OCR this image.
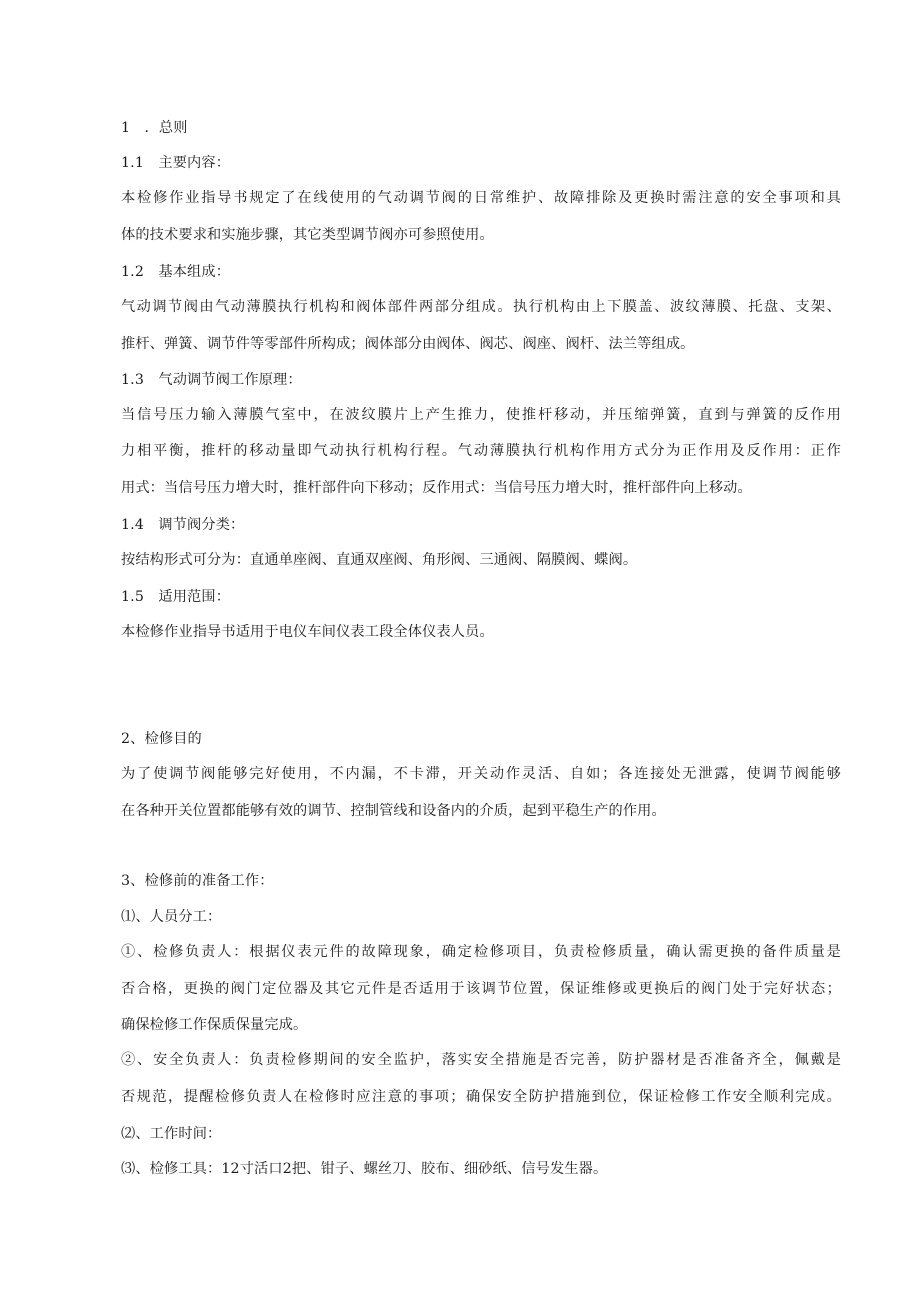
1　．总则
1.1　主要内容：
本检修作业指导书规定了在线使用的气动调节阀的日常维护、故障排除及更换时需注意的安全事项和具
体的技术要求和实施步骤，其它类型调节阀亦可参照使用。
1.2　基本组成：
气动调节阀由气动薄膜执行机构和阀体部件两部分组成。执行机构由上下膜盖、波纹薄膜、托盘、支架、
推杆、弹簧、调节件等零部件所构成；阀体部分由阀体、阀芯、阀座、阀杆、法兰等组成。
1.3　气动调节阀工作原理：
当信号压力输入薄膜气室中，在波纹膜片上产生推力，使推杆移动，并压缩弹簧，直到与弹簧的反作用
力相平衡，推杆的移动量即气动执行机构行程。气动薄膜执行机构作用方式分为正作用及反作用：正作
用式：当信号压力增大时，推杆部件向下移动；反作用式：当信号压力增大时，推杆部件向上移动。
1.4　调节阀分类：
按结构形式可分为：直通单座阀、直通双座阀、角形阀、三通阀、隔膜阀、蝶阀。
1.5　适用范围：
本检修作业指导书适用于电仪车间仪表工段全体仪表人员。
2、检修目的
为了使调节阀能够完好使用，不内漏，不卡滞，开关动作灵活、自如；各连接处无泄露，使调节阀能够
在各种开关位置都能够有效的调节、控制管线和设备内的介质，起到平稳生产的作用。
3、检修前的准备工作：
⑴、人员分工：
①、检修负责人：根据仪表元件的故障现象，确定检修项目，负责检修质量，确认需更换的备件质量是
否合格，更换的阀门定位器及其它元件是否适用于该调节位置，保证维修或更换后的阀门处于完好状态；
确保检修工作保质保量完成。
②、安全负责人：负责检修期间的安全监护，落实安全措施是否完善，防护器材是否准备齐全，佩戴是
否规范，提醒检修负责人在检修时应注意的事项；确保安全防护措施到位，保证检修工作安全顺利完成。
⑵、工作时间：
⑶、检修工具：12寸活口2把、钳子、螺丝刀、胶布、细砂纸、信号发生器。
